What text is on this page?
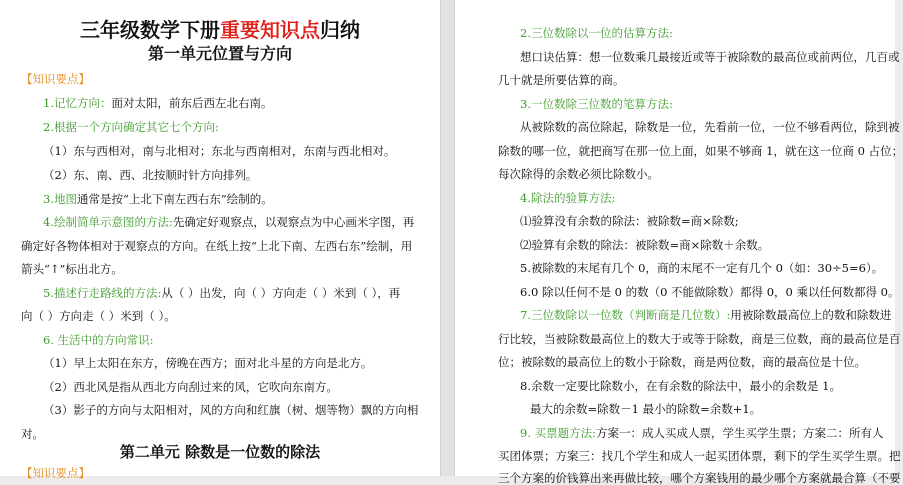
三年级数学下册重要知识点归纳
第一单元位置与方向
【知识要点】
1.记忆方向：面对太阳，前东后西左北右南。
2.根据一个方向确定其它七个方向:
（1）东与西相对，南与北相对；东北与西南相对，东南与西北相对。
（2）东、南、西、北按顺时针方向排列。
3.地图通常是按“上北下南左西右东”绘制的。
4.绘制简单示意图的方法:先确定好观察点，以观察点为中心画米字图，再
确定好各物体相对于观察点的方向。在纸上按“上北下南、左西右东”绘制，用
箭头“↑”标出北方。
5.描述行走路线的方法:从（ ）出发，向（ ）方向走（ ）米到（ ），再
向（ ）方向走（ ）米到（ ）。
6. 生活中的方向常识:
（1）早上太阳在东方，傍晚在西方；面对北斗星的方向是北方。
（2）西北风是指从西北方向刮过来的风，它吹向东南方。
（3）影子的方向与太阳相对，风的方向和红旗（树、烟等物）飘的方向相
对。
第二单元 除数是一位数的除法
【知识要点】
2.三位数除以一位的估算方法:
想口诀估算：想一位数乘几最接近或等于被除数的最高位或前两位，几百或
几十就是所要估算的商。
3.一位数除三位数的笔算方法:
从被除数的高位除起，除数是一位，先看前一位，一位不够看两位，除到被
除数的哪一位，就把商写在那一位上面，如果不够商 1，就在这一位商 0 占位；
每次除得的余数必须比除数小。
4.除法的验算方法:
⑴验算没有余数的除法：被除数=商×除数;
⑵验算有余数的除法：被除数=商×除数＋余数。
5.被除数的末尾有几个 0，商的末尾不一定有几个 0（如：30÷5=6）。
6.0 除以任何不是 0 的数（0 不能做除数）都得 0，0 乘以任何数都得 0。
7.三位数除以一位数（判断商是几位数）:用被除数最高位上的数和除数进
行比较，当被除数最高位上的数大于或等于除数，商是三位数，商的最高位是百
位；被除数的最高位上的数小于除数，商是两位数，商的最高位是十位。
8.余数一定要比除数小，在有余数的除法中，最小的余数是 1。
最大的余数=除数－1 最小的除数=余数+1。
9. 买票题方法:方案一：成人买成人票，学生买学生票；方案二：所有人
买团体票；方案三：找几个学生和成人一起买团体票，剩下的学生买学生票。把
三个方案的价钱算出来再做比较，哪个方案钱用的最少哪个方案就最合算（不要
